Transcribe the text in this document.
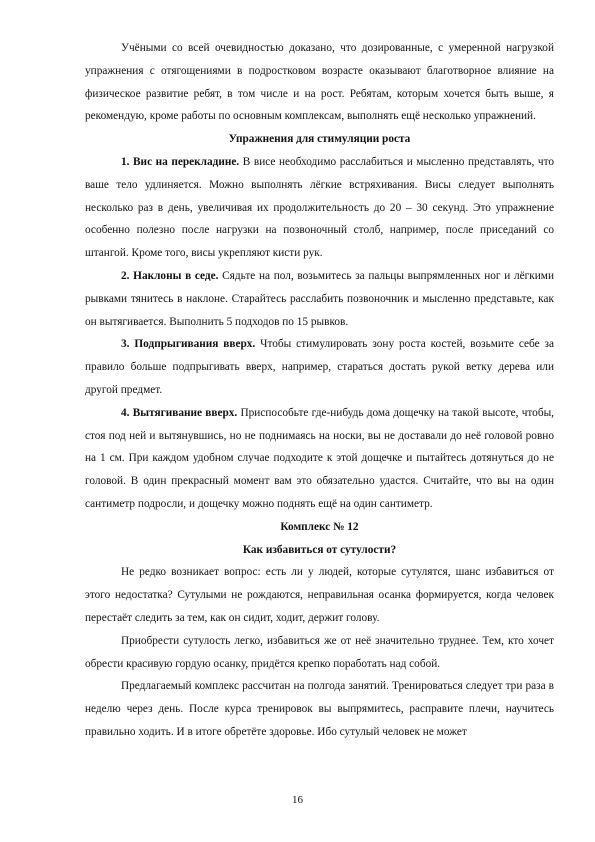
Учёными со всей очевидностью доказано, что дозированные, с умеренной нагрузкой упражнения с отягощениями в подростковом возрасте оказывают благотворное влияние на физическое развитие ребят, в том числе и на рост. Ребятам, которым хочется быть выше, я рекомендую, кроме работы по основным комплексам, выполнять ещё несколько упражнений.

Упражнения для стимуляции роста

1. Вис на перекладине. В висе необходимо расслабиться и мысленно представлять, что ваше тело удлиняется. Можно выполнять лёгкие встряхивания. Висы следует выполнять несколько раз в день, увеличивая их продолжительность до 20 – 30 секунд. Это упражнение особенно полезно после нагрузки на позвоночный столб, например, после приседаний со штангой. Кроме того, висы укрепляют кисти рук.

2. Наклоны в седе. Сядьте на пол, возьмитесь за пальцы выпрямленных ног и лёгкими рывками тянитесь в наклоне. Старайтесь расслабить позвоночник и мысленно представьте, как он вытягивается. Выполнить 5 подходов по 15 рывков.

3. Подпрыгивания вверх. Чтобы стимулировать зону роста костей, возьмите себе за правило больше подпрыгивать вверх, например, стараться достать рукой ветку дерева или другой предмет.

4. Вытягивание вверх. Приспособьте где-нибудь дома дощечку на такой высоте, чтобы, стоя под ней и вытянувшись, но не поднимаясь на носки, вы не доставали до неё головой ровно на 1 см. При каждом удобном случае подходите к этой дощечке и пытайтесь дотянуться до не головой. В один прекрасный момент вам это обязательно удастся. Считайте, что вы на один сантиметр подросли, и дощечку можно поднять ещё на один сантиметр.

Комплекс № 12

Как избавиться от сутулости?

Не редко возникает вопрос: есть ли у людей, которые сутулятся, шанс избавиться от этого недостатка? Сутулыми не рождаются, неправильная осанка формируется, когда человек перестаёт следить за тем, как он сидит, ходит, держит голову.

Приобрести сутулость легко, избавиться же от неё значительно труднее. Тем, кто хочет обрести красивую гордую осанку, придётся крепко поработать над собой.

Предлагаемый комплекс рассчитан на полгода занятий. Тренироваться следует три раза в неделю через день. После курса тренировок вы выпрямитесь, расправите плечи, научитесь правильно ходить. И в итоге обретёте здоровье. Ибо сутулый человек не может

16
